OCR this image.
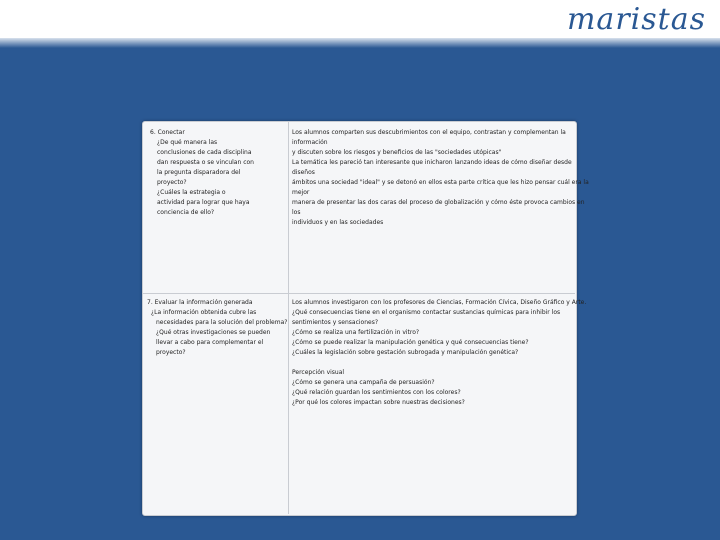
maristas
6. Conectar
¿De qué manera las
conclusiones de cada disciplina
dan respuesta o se vinculan con
la pregunta disparadora del
proyecto?
¿Cuáles la estrategia o
actividad para lograr que haya
conciencia de ello?
Los alumnos comparten sus descubrimientos con el equipo, contrastan y complementan la
información
y discuten sobre los riesgos y beneficios de las "sociedades utópicas"
La temática les pareció tan interesante que inicharon lanzando ideas de cómo diseñar desde
diseños
ámbitos una sociedad "ideal" y se detonó en ellos esta parte crítica que les hizo pensar cuál era la
mejor
manera de presentar las dos caras del proceso de globalización y cómo éste provoca cambios en
los
individuos y en las sociedades
7. Evaluar la información generada
¿La información obtenida cubre las
necesidades para la solución del problema?
¿Qué otras investigaciones se pueden
llevar a cabo para complementar el
proyecto?
Los alumnos investigaron con los profesores de Ciencias, Formación Cívica, Diseño Gráfico y Arte.
¿Qué consecuencias tiene en el organismo contactar sustancias químicas para inhibir los
sentimientos y sensaciones?
¿Cómo se realiza una fertilización in vitro?
¿Cómo se puede realizar la manipulación genética y qué consecuencias tiene?
¿Cuáles la legislación sobre gestación subrogada y manipulación genética?
Percepción visual
¿Cómo se genera una campaña de persuasión?
¿Qué relación guardan los sentimientos con los colores?
¿Por qué los colores impactan sobre nuestras decisiones?
